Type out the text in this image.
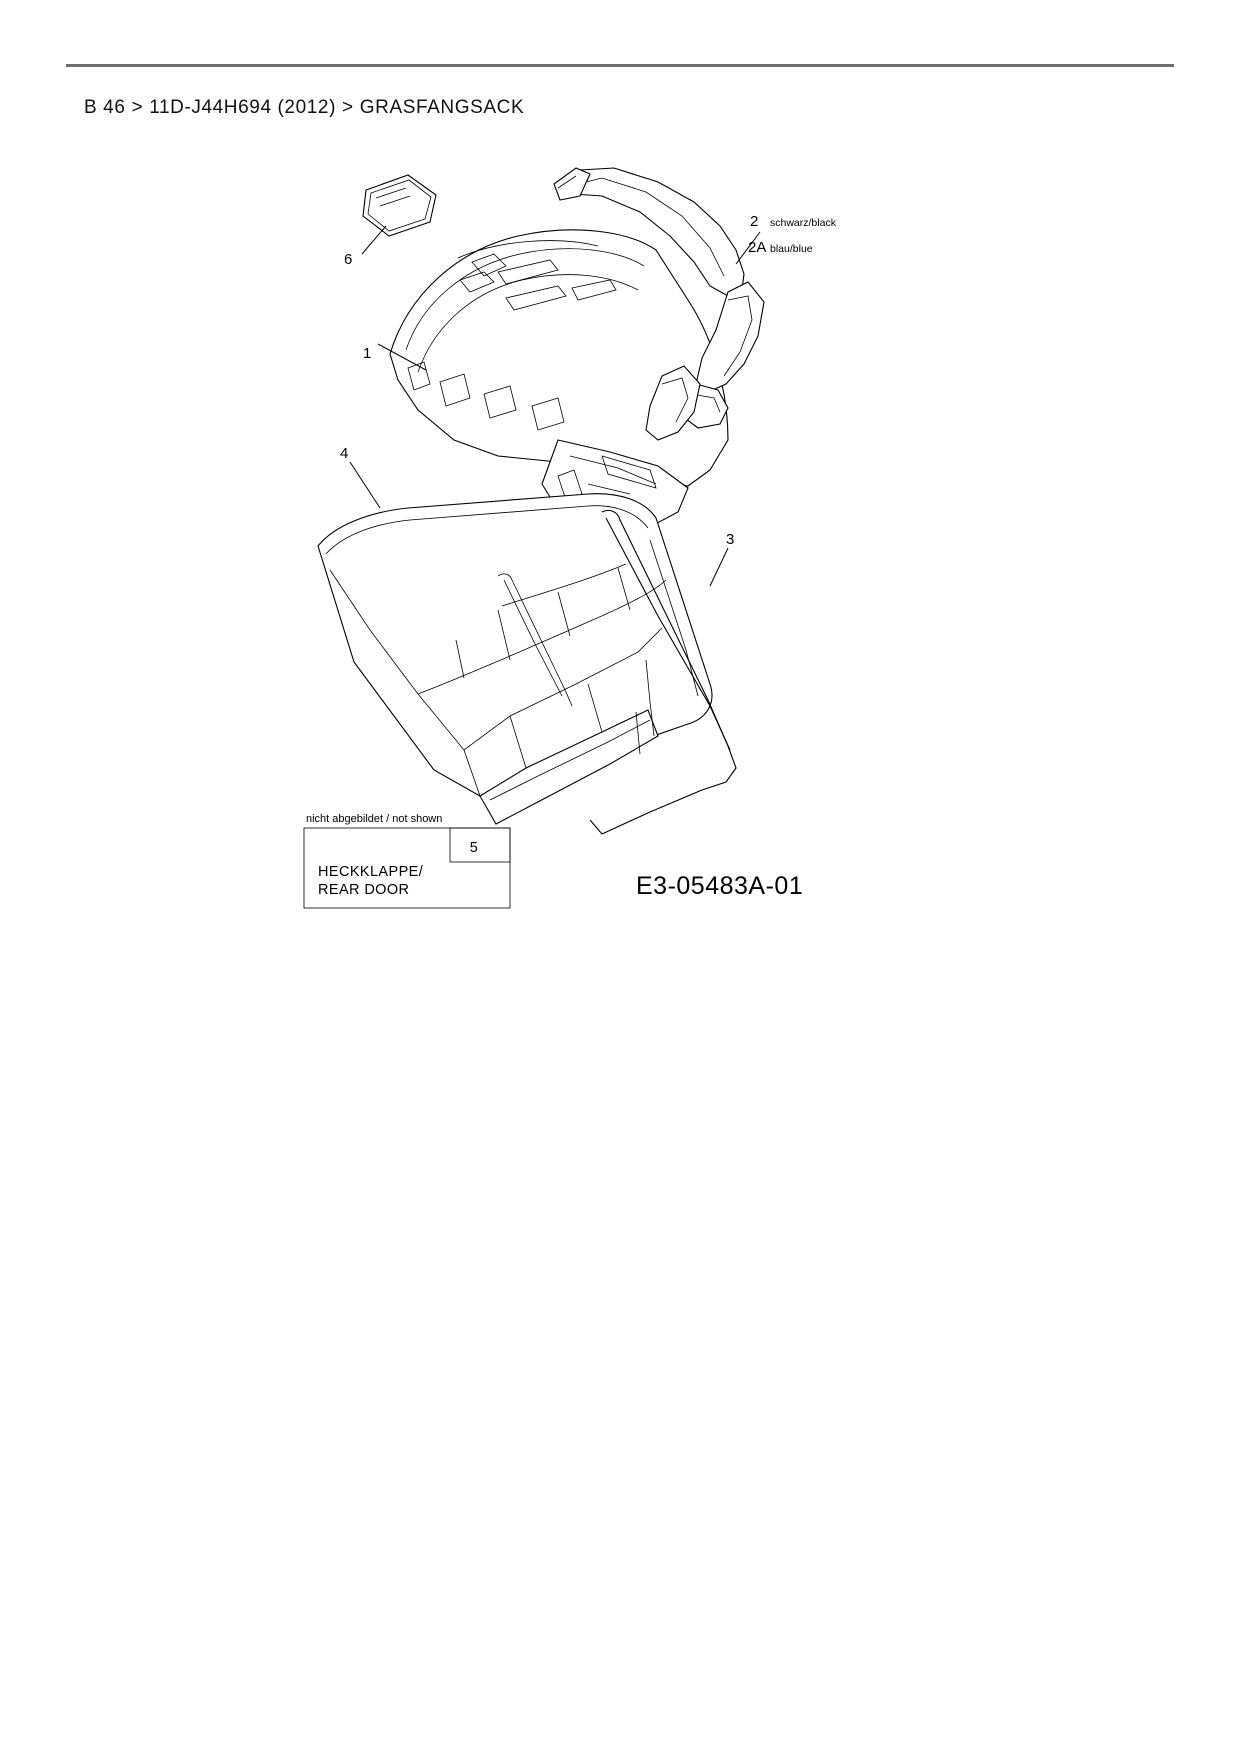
B 46 > 11D-J44H694 (2012) > GRASFANGSACK
6
1
2 schwarz/black
2A blau/blue
4
3
nicht abgebildet / not shown
5
HECKKLAPPE/
REAR DOOR	E3-05483A-01
